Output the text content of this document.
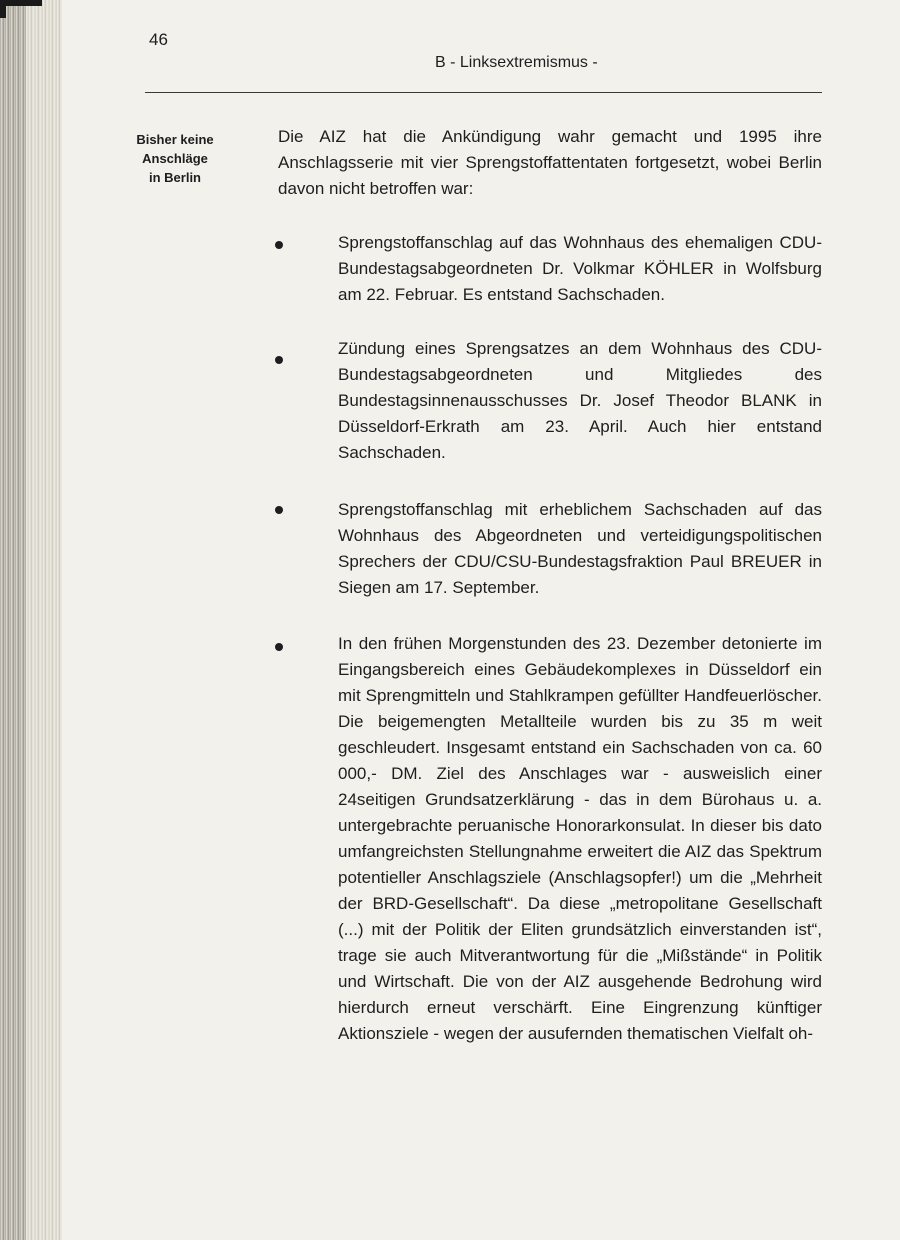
46
B - Linksextremismus -
Bisher keine
Anschläge
in Berlin

Die AIZ hat die Ankündigung wahr gemacht und 1995 ihre Anschlagsserie mit vier Sprengstoffattentaten fortgesetzt, wobei Berlin davon nicht betroffen war:

Sprengstoffanschlag auf das Wohnhaus des ehemaligen CDU-Bundestagsabgeordneten Dr. Volkmar KÖHLER in Wolfsburg am 22. Februar. Es entstand Sachschaden.

Zündung eines Sprengsatzes an dem Wohnhaus des CDU-Bundestagsabgeordneten und Mitgliedes des Bundestagsinnenausschusses Dr. Josef Theodor BLANK in Düsseldorf-Erkrath am 23. April. Auch hier entstand Sachschaden.

Sprengstoffanschlag mit erheblichem Sachschaden auf das Wohnhaus des Abgeordneten und verteidigungspolitischen Sprechers der CDU/CSU-Bundestagsfraktion Paul BREUER in Siegen am 17. September.

In den frühen Morgenstunden des 23. Dezember detonierte im Eingangsbereich eines Gebäudekomplexes in Düsseldorf ein mit Sprengmitteln und Stahlkrampen gefüllter Handfeuerlöscher. Die beigemengten Metallteile wurden bis zu 35 m weit geschleudert. Insgesamt entstand ein Sachschaden von ca. 60 000,- DM. Ziel des Anschlages war - ausweislich einer 24seitigen Grundsatzerklärung - das in dem Bürohaus u. a. untergebrachte peruanische Honorarkonsulat. In dieser bis dato umfangreichsten Stellungnahme erweitert die AIZ das Spektrum potentieller Anschlagsziele (Anschlagsopfer!) um die „Mehrheit der BRD-Gesellschaft“. Da diese „metropolitane Gesellschaft (...) mit der Politik der Eliten grundsätzlich einverstanden ist“, trage sie auch Mitverantwortung für die „Mißstände“ in Politik und Wirtschaft. Die von der AIZ ausgehende Bedrohung wird hierdurch erneut verschärft. Eine Eingrenzung künftiger Aktionsziele - wegen der ausufernden thematischen Vielfalt oh-
